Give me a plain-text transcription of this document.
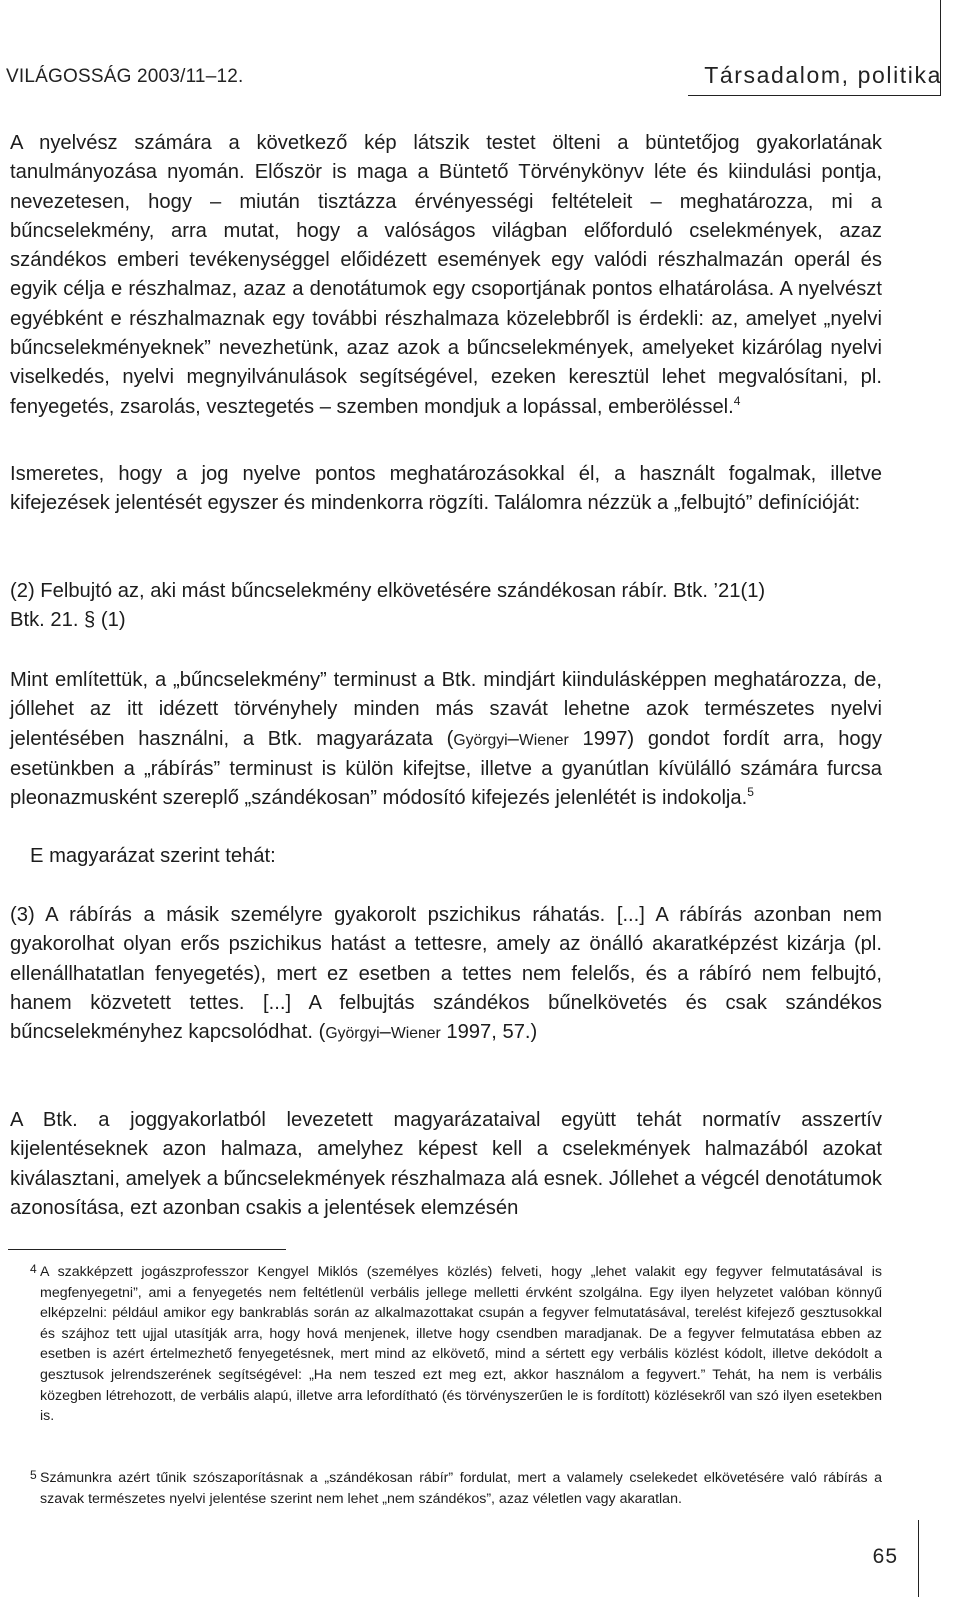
VILÁGOSSÁG 2003/11–12.	Társadalom, politika

A nyelvész számára a következő kép látszik testet ölteni a büntetőjog gyakorlatának tanulmányozása nyomán. Először is maga a Büntető Törvénykönyv léte és kiindulási pontja, nevezetesen, hogy – miután tisztázza érvényességi feltételeit – meghatározza, mi a bűncselekmény, arra mutat, hogy a valóságos világban előforduló cselekmények, azaz szándékos emberi tevékenységgel előidézett események egy valódi részhalmazán operál és egyik célja e részhalmaz, azaz a denotátumok egy csoportjának pontos elhatárolása. A nyelvészt egyébként e részhalmaznak egy további részhalmaza közelebbről is érdekli: az, amelyet „nyelvi bűncselekményeknek” nevezhetünk, azaz azok a bűncselekmények, amelyeket kizárólag nyelvi viselkedés, nyelvi megnyilvánulások segítségével, ezeken keresztül lehet megvalósítani, pl. fenyegetés, zsarolás, vesztegetés – szemben mondjuk a lopással, emberöléssel.$^4$

Ismeretes, hogy a jog nyelve pontos meghatározásokkal él, a használt fogalmak, illetve kifejezések jelentését egyszer és mindenkorra rögzíti. Találomra nézzük a „felbujtó” definícióját:

(2) Felbujtó az, aki mást bűncselekmény elkövetésére szándékosan rábír. Btk. ’21(1)
Btk. 21. § (1)

Mint említettük, a „bűncselekmény” terminust a Btk. mindjárt kiindulásképpen meghatározza, de, jóllehet az itt idézett törvényhely minden más szavát lehetne azok természetes nyelvi jelentésében használni, a Btk. magyarázata (Györgyi–Wiener 1997) gondot fordít arra, hogy esetünkben a „rábírás” terminust is külön kifejtse, illetve a gyanútlan kívülálló számára furcsa pleonazmusként szereplő „szándékosan” módosító kifejezés jelenlétét is indokolja.$^5$

E magyarázat szerint tehát:

(3) A rábírás a másik személyre gyakorolt pszichikus ráhatás. [...] A rábírás azonban nem gyakorolhat olyan erős pszichikus hatást a tettesre, amely az önálló akaratképzést kizárja (pl. ellenállhatatlan fenyegetés), mert ez esetben a tettes nem felelős, és a rábíró nem felbujtó, hanem közvetett tettes. [...] A felbujtás szándékos bűnelkövetés és csak szándékos bűncselekményhez kapcsolódhat. (Györgyi–Wiener 1997, 57.)

A Btk. a joggyakorlatból levezetett magyarázataival együtt tehát normatív asszertív kijelentéseknek azon halmaza, amelyhez képest kell a cselekmények halmazából azokat kiválasztani, amelyek a bűncselekmények részhalmaza alá esnek. Jóllehet a végcél denotátumok azonosítása, ezt azonban csakis a jelentések elemzésén

4 A szakképzett jogászprofesszor Kengyel Miklós (személyes közlés) felveti, hogy „lehet valakit egy fegyver felmutatásával is megfenyegetni”, ami a fenyegetés nem feltétlenül verbális jellege melletti érvként szolgálna. Egy ilyen helyzetet valóban könnyű elképzelni: például amikor egy bankrablás során az alkalmazottakat csupán a fegyver felmutatásával, terelést kifejező gesztusokkal és szájhoz tett ujjal utasítják arra, hogy hová menjenek, illetve hogy csendben maradjanak. De a fegyver felmutatása ebben az esetben is azért értelmezhető fenyegetésnek, mert mind az elkövető, mind a sértett egy verbális közlést kódolt, illetve dekódolt a gesztusok jelrendszerének segítségével: „Ha nem teszed ezt meg ezt, akkor használom a fegyvert.” Tehát, ha nem is verbális közegben létrehozott, de verbális alapú, illetve arra lefordítható (és törvényszerűen le is fordított) közlésekről van szó ilyen esetekben is.
5 Számunkra azért tűnik szószaporításnak a „szándékosan rábír” fordulat, mert a valamely cselekedet elkövetésére való rábírás a szavak természetes nyelvi jelentése szerint nem lehet „nem szándékos”, azaz véletlen vagy akaratlan.
65
